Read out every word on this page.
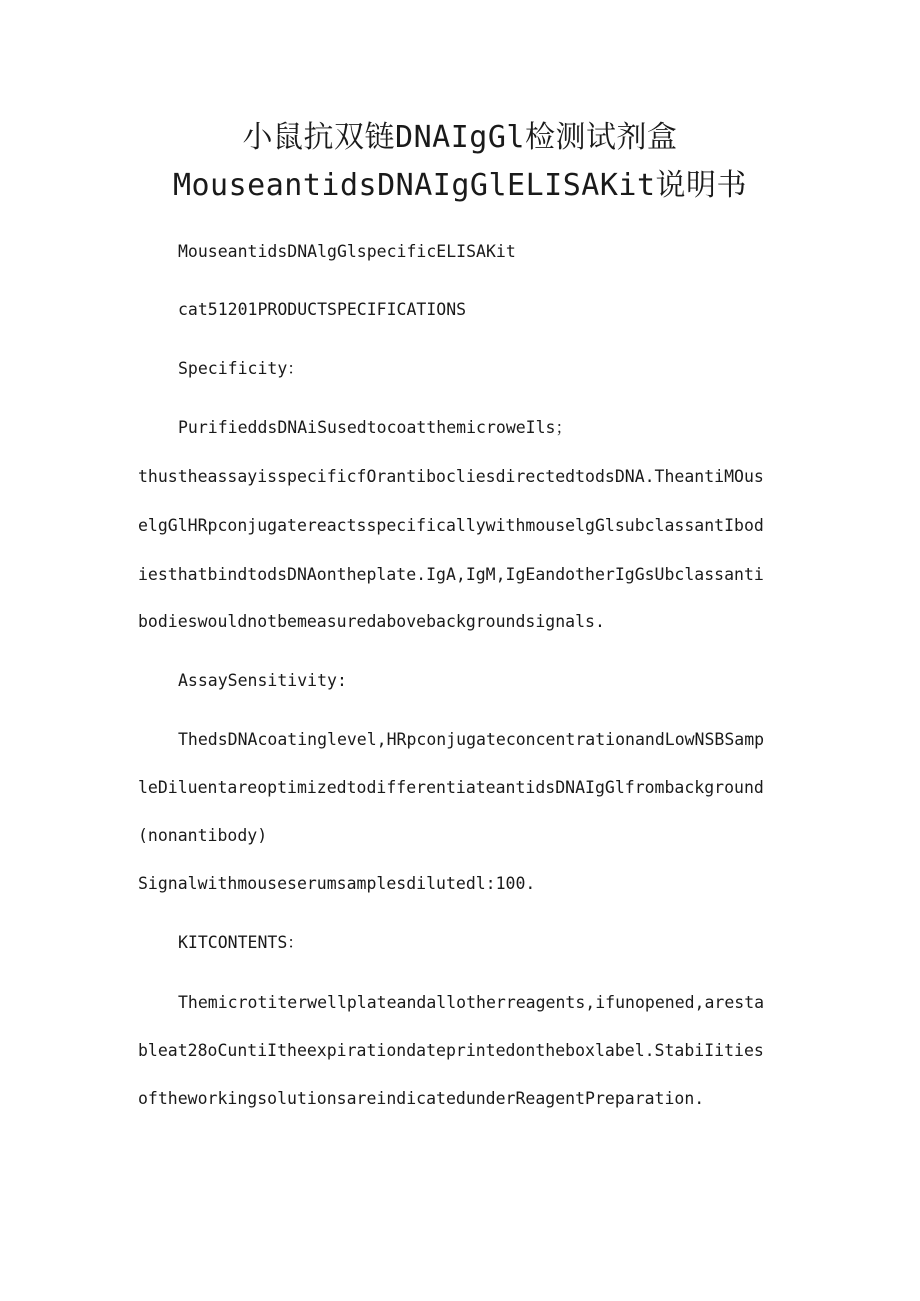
小鼠抗双链DNAIgGl检测试剂盒
MouseantidsDNAIgGlELISAKit说明书
MouseantidsDNAlgGlspecificELISAKit
cat51201PRODUCTSPECIFICATIONS
Specificity：
PurifieddsDNAiSusedtocoatthemicroweIls；
thustheassayisspecificfOrantibocliesdirectedtodsDNA.TheantiMOus
elgGlHRpconjugatereactsspecificallywithmouselgGlsubclassantIbod
iesthatbindtodsDNAontheplate.IgA,IgM,IgEandotherIgGsUbclassanti
bodieswouldnotbemeasuredabovebackgroundsignals.
AssaySensitivity:
ThedsDNAcoatinglevel,HRpconjugateconcentrationandLowNSBSamp
leDiluentareoptimizedtodifferentiateantidsDNAIgGlfrombackground
(nonantibody)
Signalwithmouseserumsamplesdilutedl:100.
KITCONTENTS：
Themicrotiterwellplateandallotherreagents,ifunopened,aresta
bleat28oCuntiItheexpirationdateprintedontheboxlabel.StabiIities
oftheworkingsolutionsareindicatedunderReagentPreparation.
